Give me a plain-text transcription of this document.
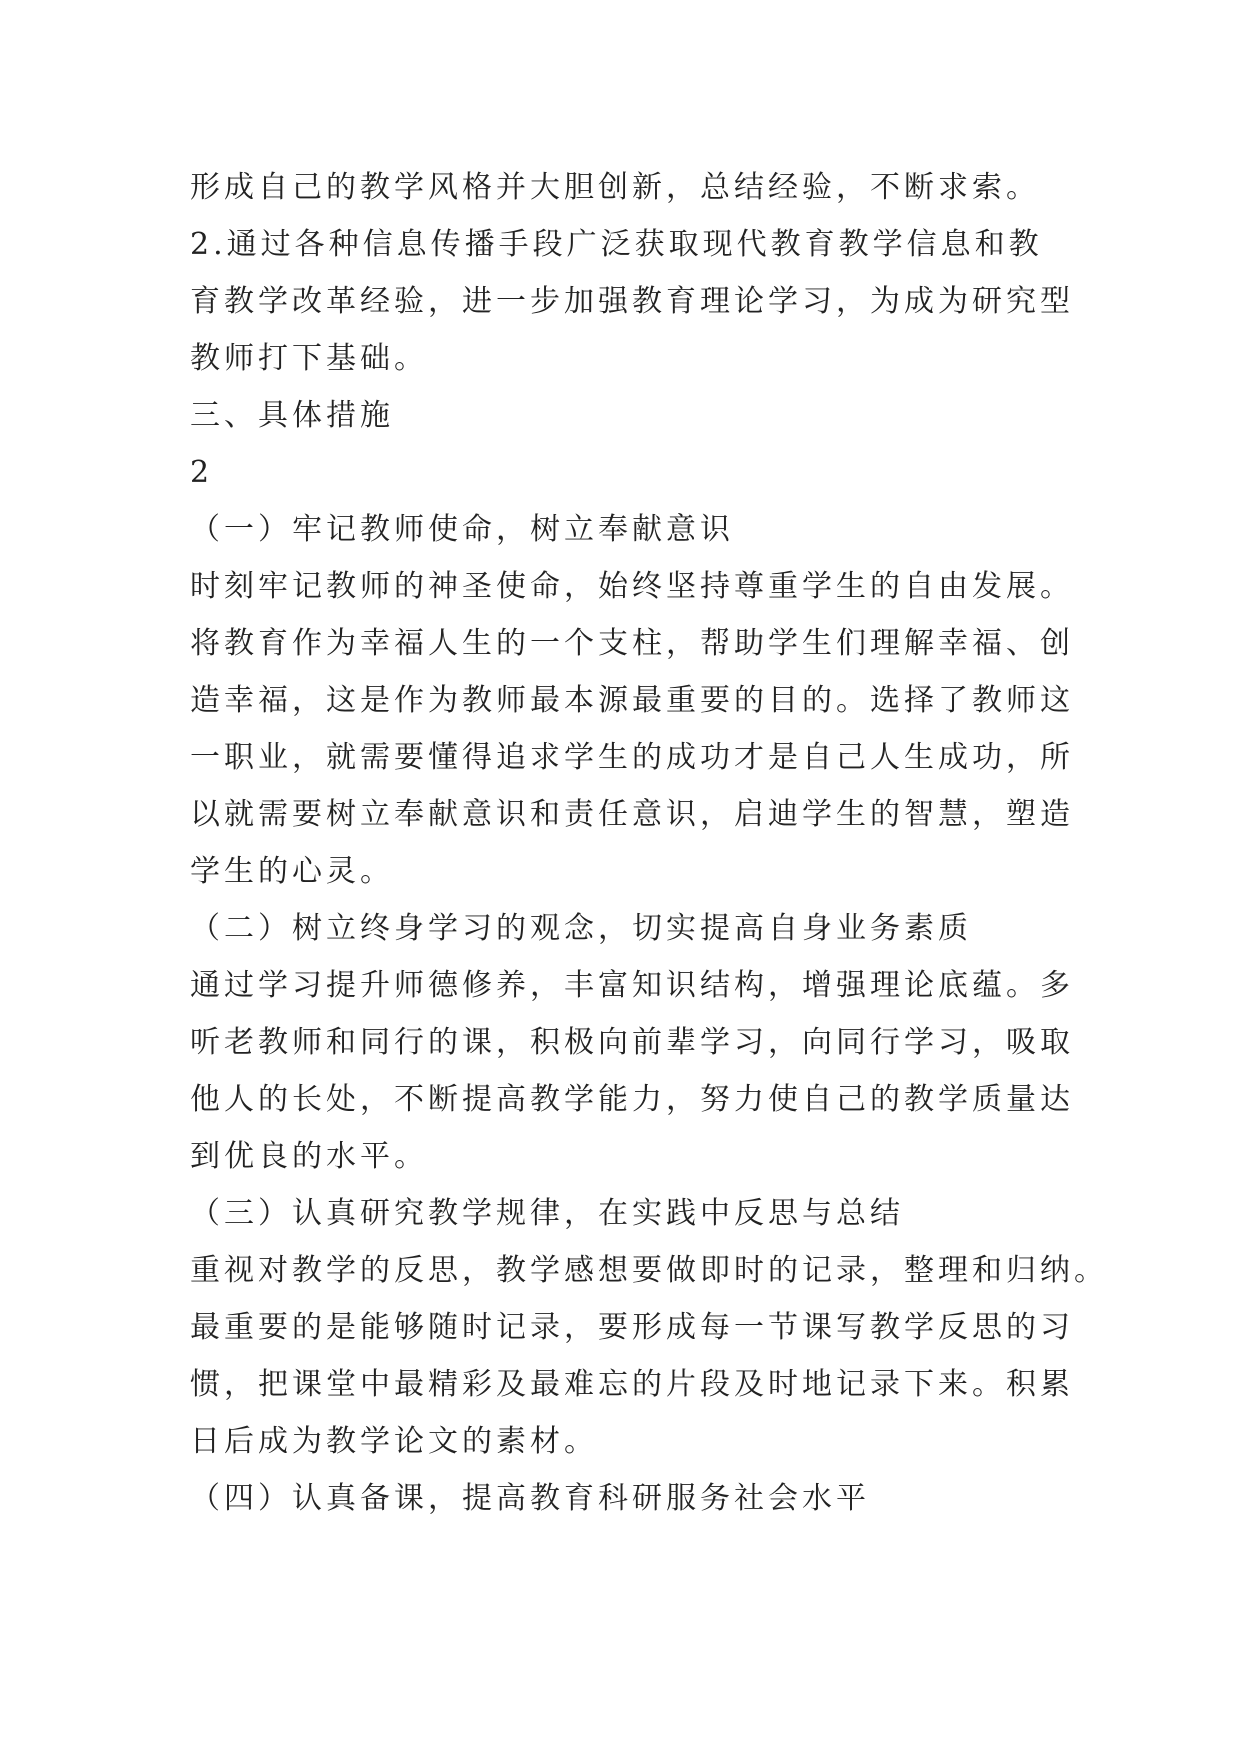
形成自己的教学风格并大胆创新，总结经验，不断求索。
2.通过各种信息传播手段广泛获取现代教育教学信息和教
育教学改革经验，进一步加强教育理论学习，为成为研究型
教师打下基础。
三、具体措施
2
（一）牢记教师使命，树立奉献意识
时刻牢记教师的神圣使命，始终坚持尊重学生的自由发展。
将教育作为幸福人生的一个支柱，帮助学生们理解幸福、创
造幸福，这是作为教师最本源最重要的目的。选择了教师这
一职业，就需要懂得追求学生的成功才是自己人生成功，所
以就需要树立奉献意识和责任意识，启迪学生的智慧，塑造
学生的心灵。
（二）树立终身学习的观念，切实提高自身业务素质
通过学习提升师德修养，丰富知识结构，增强理论底蕴。多
听老教师和同行的课，积极向前辈学习，向同行学习，吸取
他人的长处，不断提高教学能力，努力使自己的教学质量达
到优良的水平。
（三）认真研究教学规律，在实践中反思与总结
重视对教学的反思，教学感想要做即时的记录，整理和归纳。
最重要的是能够随时记录，要形成每一节课写教学反思的习
惯，把课堂中最精彩及最难忘的片段及时地记录下来。积累
日后成为教学论文的素材。
（四）认真备课，提高教育科研服务社会水平
